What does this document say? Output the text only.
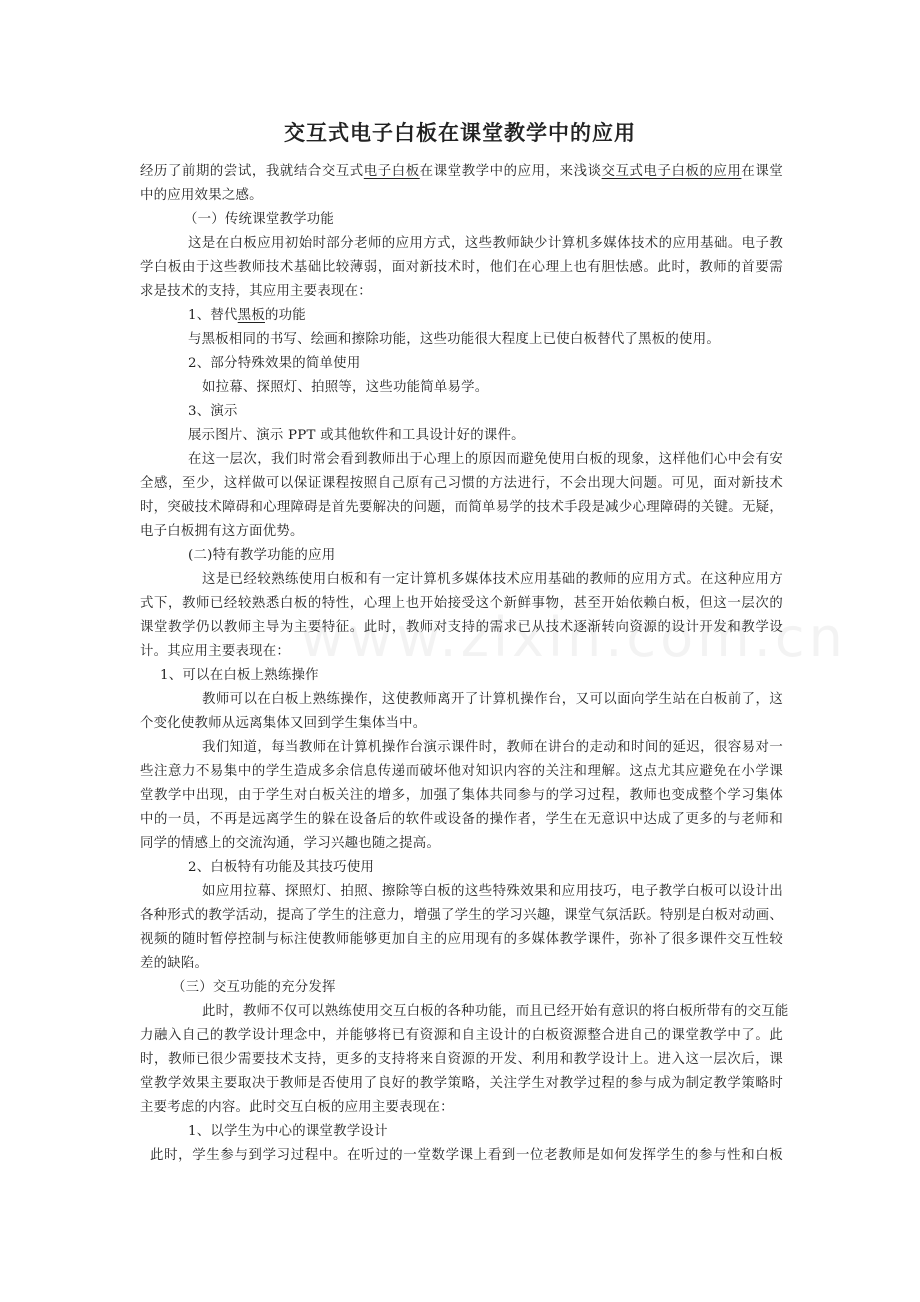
交互式电子白板在课堂教学中的应用
经历了前期的尝试，我就结合交互式电子白板在课堂教学中的应用，来浅谈交互式电子白板的应用在课堂
中的应用效果之感。
（一）传统课堂教学功能
这是在白板应用初始时部分老师的应用方式，这些教师缺少计算机多媒体技术的应用基础。电子教
学白板由于这些教师技术基础比较薄弱，面对新技术时，他们在心理上也有胆怯感。此时，教师的首要需
求是技术的支持，其应用主要表现在：
1、替代黑板的功能
与黑板相同的书写、绘画和擦除功能，这些功能很大程度上已使白板替代了黑板的使用。
2、部分特殊效果的简单使用
如拉幕、探照灯、拍照等，这些功能简单易学。
3、演示
展示图片、演示 PPT 或其他软件和工具设计好的课件。
在这一层次，我们时常会看到教师出于心理上的原因而避免使用白板的现象，这样他们心中会有安
全感，至少，这样做可以保证课程按照自己原有己习惯的方法进行，不会出现大问题。可见，面对新技术
时，突破技术障碍和心理障碍是首先要解决的问题，而简单易学的技术手段是减少心理障碍的关键。无疑，
电子白板拥有这方面优势。
(二)特有教学功能的应用
这是已经较熟练使用白板和有一定计算机多媒体技术应用基础的教师的应用方式。在这种应用方
式下，教师已经较熟悉白板的特性，心理上也开始接受这个新鲜事物，甚至开始依赖白板，但这一层次的
课堂教学仍以教师主导为主要特征。此时，教师对支持的需求已从技术逐渐转向资源的设计开发和教学设
计。其应用主要表现在：
1、可以在白板上熟练操作
教师可以在白板上熟练操作，这使教师离开了计算机操作台，又可以面向学生站在白板前了，这
个变化使教师从远离集体又回到学生集体当中。
我们知道，每当教师在计算机操作台演示课件时，教师在讲台的走动和时间的延迟，很容易对一
些注意力不易集中的学生造成多余信息传递而破坏他对知识内容的关注和理解。这点尤其应避免在小学课
堂教学中出现，由于学生对白板关注的增多，加强了集体共同参与的学习过程，教师也变成整个学习集体
中的一员，不再是远离学生的躲在设备后的软件或设备的操作者，学生在无意识中达成了更多的与老师和
同学的情感上的交流沟通，学习兴趣也随之提高。
2、白板特有功能及其技巧使用
如应用拉幕、探照灯、拍照、擦除等白板的这些特殊效果和应用技巧，电子教学白板可以设计出
各种形式的教学活动，提高了学生的注意力，增强了学生的学习兴趣，课堂气氛活跃。特别是白板对动画、
视频的随时暂停控制与标注使教师能够更加自主的应用现有的多媒体教学课件，弥补了很多课件交互性较
差的缺陷。
（三）交互功能的充分发挥
此时，教师不仅可以熟练使用交互白板的各种功能，而且已经开始有意识的将白板所带有的交互能
力融入自己的教学设计理念中，并能够将已有资源和自主设计的白板资源整合进自己的课堂教学中了。此
时，教师已很少需要技术支持，更多的支持将来自资源的开发、利用和教学设计上。进入这一层次后，课
堂教学效果主要取决于教师是否使用了良好的教学策略，关注学生对教学过程的参与成为制定教学策略时
主要考虑的内容。此时交互白板的应用主要表现在：
1、以学生为中心的课堂教学设计
此时，学生参与到学习过程中。在听过的一堂数学课上看到一位老教师是如何发挥学生的参与性和白板
